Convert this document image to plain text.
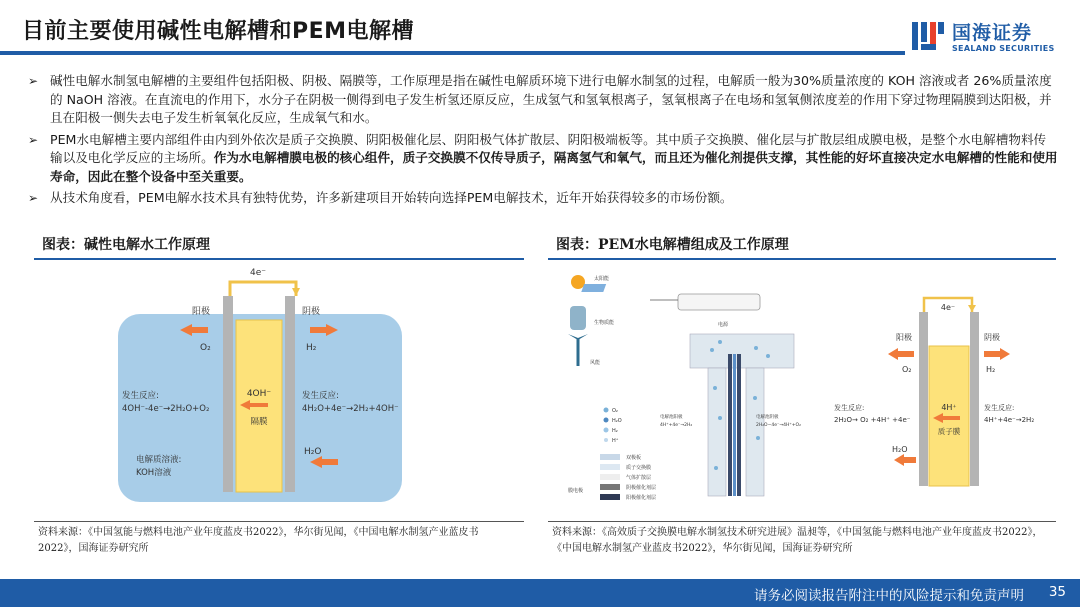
目前主要使用碱性电解槽和PEM电解槽	国海证券
SEALAND SECURITIES
➢ 碱性电解水制氢电解槽的主要组件包括阳极、阴极、隔膜等，工作原理是指在碱性电解质环境下进行电解水制氢的过程，电解质一般为30%质量浓度的 KOH 溶液或者 26%质量浓度的 NaOH 溶液。在直流电的作用下，水分子在阴极一侧得到电子发生析氢还原反应，生成氢气和氢氧根离子，氢氧根离子在电场和氢氧侧浓度差的作用下穿过物理隔膜到达阳极，并且在阳极一侧失去电子发生析氧氧化反应，生成氧气和水。
➢ PEM水电解槽主要内部组件由内到外依次是质子交换膜、阴阳极催化层、阴阳极气体扩散层、阴阳极端板等。其中质子交换膜、催化层与扩散层组成膜电极，是整个水电解槽物料传输以及电化学反应的主场所。作为水电解槽膜电极的核心组件，质子交换膜不仅传导质子，隔离氢气和氧气，而且还为催化剂提供支撑，其性能的好坏直接决定水电解槽的性能和使用寿命，因此在整个设备中至关重要。
➢ 从技术角度看，PEM电解水技术具有独特优势，许多新建项目开始转向选择PEM电解技术，近年开始获得较多的市场份额。
图表：碱性电解水工作原理
4e⁻
阳极	阴极
O₂	H₂
发生反应:
4OH⁻-4e⁻→2H₂O+O₂
4OH⁻
隔膜
发生反应:
4H₂O+4e⁻→2H₂+4OH⁻
H₂O
电解质溶液:
KOH溶液
资料来源：《中国氢能与燃料电池产业年度蓝皮书2022》，华尔街见闻，《中国电解水制氢产业蓝皮书2022》，国海证券研究所
图表：PEM水电解槽组成及工作原理
太阳能
生物质能
风能
电源
电解池阳极
4H⁺+4e⁻→2H₂
电解池阴极
2H₂O−4e⁻→4H⁺+O₂
O₂
H₂O
H₂
H⁺
双极板
质子交换膜
气体扩散层
阴极催化剂层
阳极催化剂层
膜电极
4e⁻
阳极	阴极
O₂	H₂
发生反应:
2H₂O→ O₂ +4H⁺ +4e⁻
4H⁺
质子膜
发生反应:
4H⁺+4e⁻→2H₂
H₂O
资料来源：《高效质子交换膜电解水制氢技术研究进展》温昶等，《中国氢能与燃料电池产业年度蓝皮书2022》，《中国电解水制氢产业蓝皮书2022》，华尔街见闻，国海证券研究所
请务必阅读报告附注中的风险提示和免责声明 35
